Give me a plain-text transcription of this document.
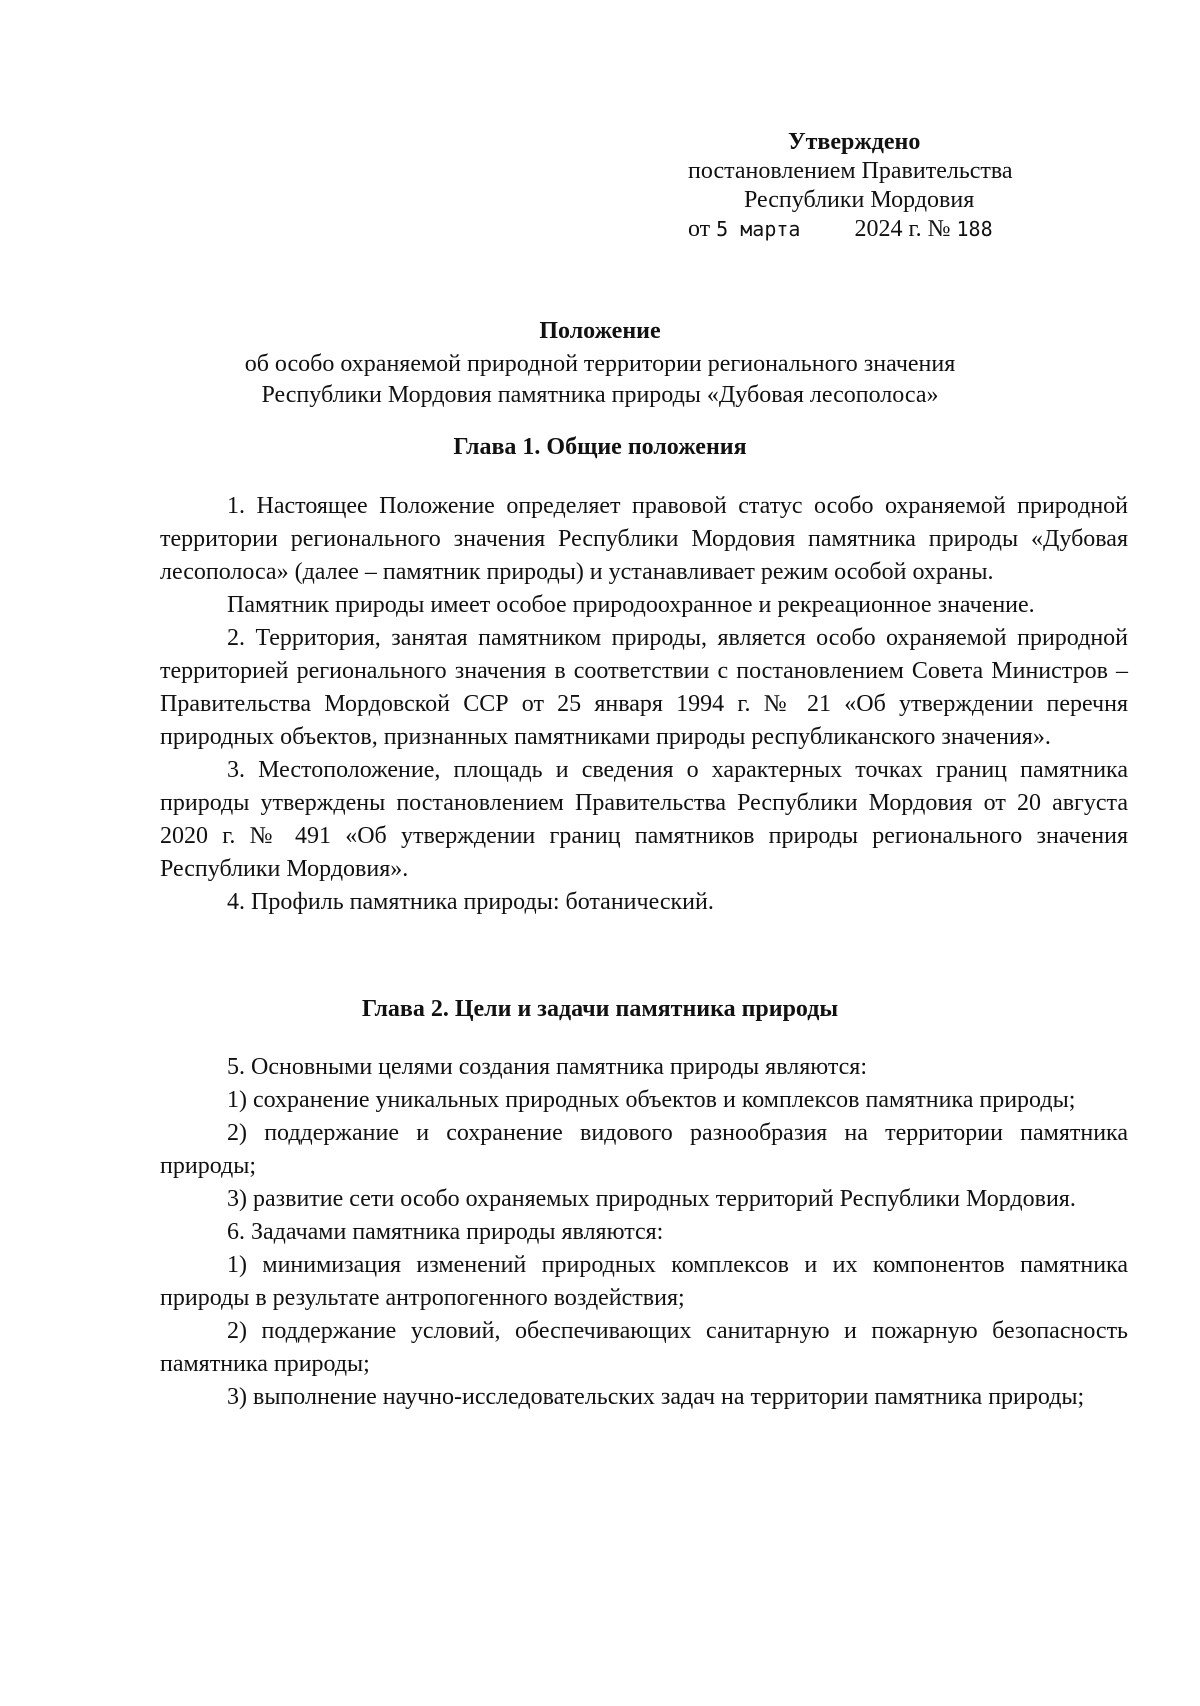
Утверждено
постановлением Правительства
Республики Мордовия
от 5 марта 2024 г. № 188
Положение
об особо охраняемой природной территории регионального значения
Республики Мордовия памятника природы «Дубовая лесополоса»
Глава 1. Общие положения

1. Настоящее Положение определяет правовой статус особо охраняемой природной территории регионального значения Республики Мордовия памятника природы «Дубовая лесополоса» (далее – памятник природы) и устанавливает режим особой охраны.

Памятник природы имеет особое природоохранное и рекреационное значение.

2. Территория, занятая памятником природы, является особо охраняемой природной территорией регионального значения в соответствии с постановлением Совета Министров – Правительства Мордовской ССР от 25 января 1994 г. № 21 «Об утверждении перечня природных объектов, признанных памятниками природы республиканского значения».

3. Местоположение, площадь и сведения о характерных точках границ памятника природы утверждены постановлением Правительства Республики Мордовия от 20 августа 2020 г. № 491 «Об утверждении границ памятников природы регионального значения Республики Мордовия».

4. Профиль памятника природы: ботанический.

Глава 2. Цели и задачи памятника природы

5. Основными целями создания памятника природы являются:

1) сохранение уникальных природных объектов и комплексов памятника природы;

2) поддержание и сохранение видового разнообразия на территории памятника природы;

3) развитие сети особо охраняемых природных территорий Республики Мордовия.

6. Задачами памятника природы являются:

1) минимизация изменений природных комплексов и их компонентов памятника природы в результате антропогенного воздействия;

2) поддержание условий, обеспечивающих санитарную и пожарную безопасность памятника природы;

3) выполнение научно-исследовательских задач на территории памятника природы;
